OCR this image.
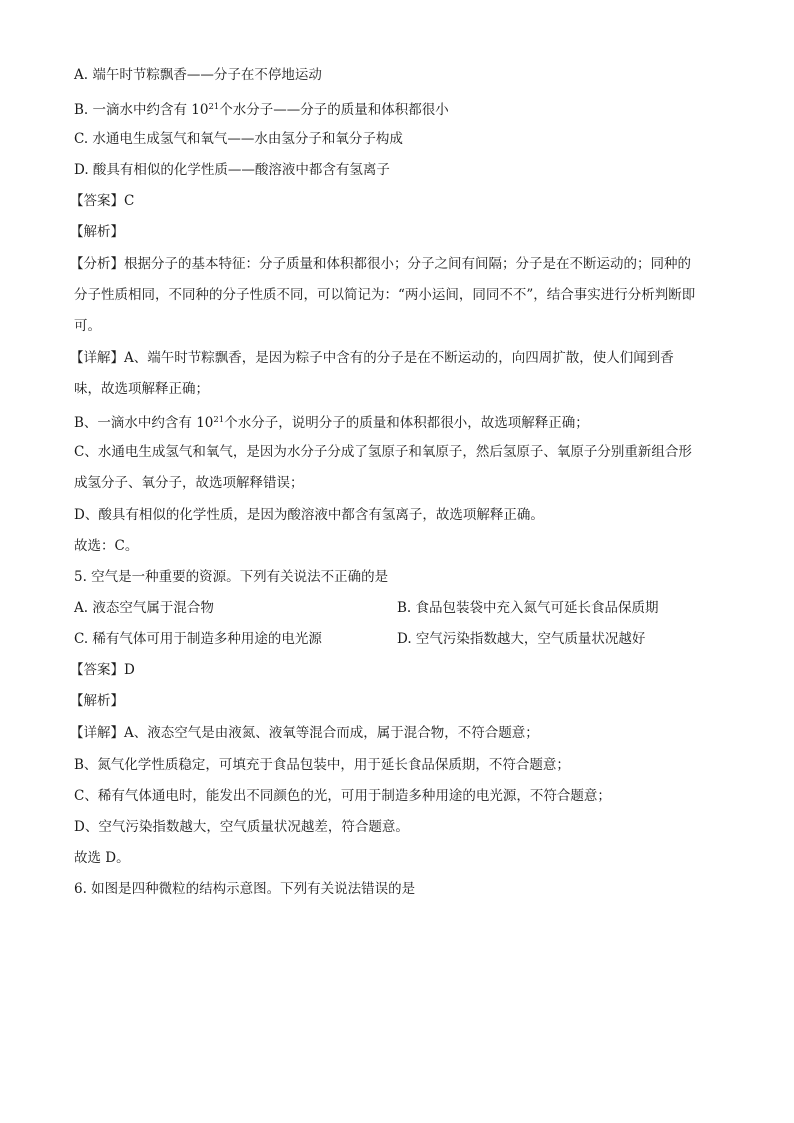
A. 端午时节粽飘香——分子在不停地运动
B. 一滴水中约含有 $10^{21}$个水分子——分子的质量和体积都很小
C. 水通电生成氢气和氧气——水由氢分子和氧分子构成
D. 酸具有相似的化学性质——酸溶液中都含有氢离子
【答案】C
【解析】
【分析】根据分子的基本特征：分子质量和体积都很小；分子之间有间隔；分子是在不断运动的；同种的
分子性质相同，不同种的分子性质不同，可以简记为：“两小运间，同同不不”，结合事实进行分析判断即
可。
【详解】A、端午时节粽飘香，是因为粽子中含有的分子是在不断运动的，向四周扩散，使人们闻到香
味，故选项解释正确；
B、一滴水中约含有 $10^{21}$个水分子，说明分子的质量和体积都很小，故选项解释正确；
C、水通电生成氢气和氧气，是因为水分子分成了氢原子和氧原子，然后氢原子、氧原子分别重新组合形
成氢分子、氧分子，故选项解释错误；
D、酸具有相似的化学性质，是因为酸溶液中都含有氢离子，故选项解释正确。
故选：C。
5. 空气是一种重要的资源。下列有关说法不正确的是
A. 液态空气属于混合物	B. 食品包装袋中充入氮气可延长食品保质期
C. 稀有气体可用于制造多种用途的电光源	D. 空气污染指数越大，空气质量状况越好
【答案】D
【解析】
【详解】A、液态空气是由液氮、液氧等混合而成，属于混合物，不符合题意；
B、氮气化学性质稳定，可填充于食品包装中，用于延长食品保质期，不符合题意；
C、稀有气体通电时，能发出不同颜色的光，可用于制造多种用途的电光源，不符合题意；
D、空气污染指数越大，空气质量状况越差，符合题意。
故选 D。
6. 如图是四种微粒的结构示意图。下列有关说法错误的是
